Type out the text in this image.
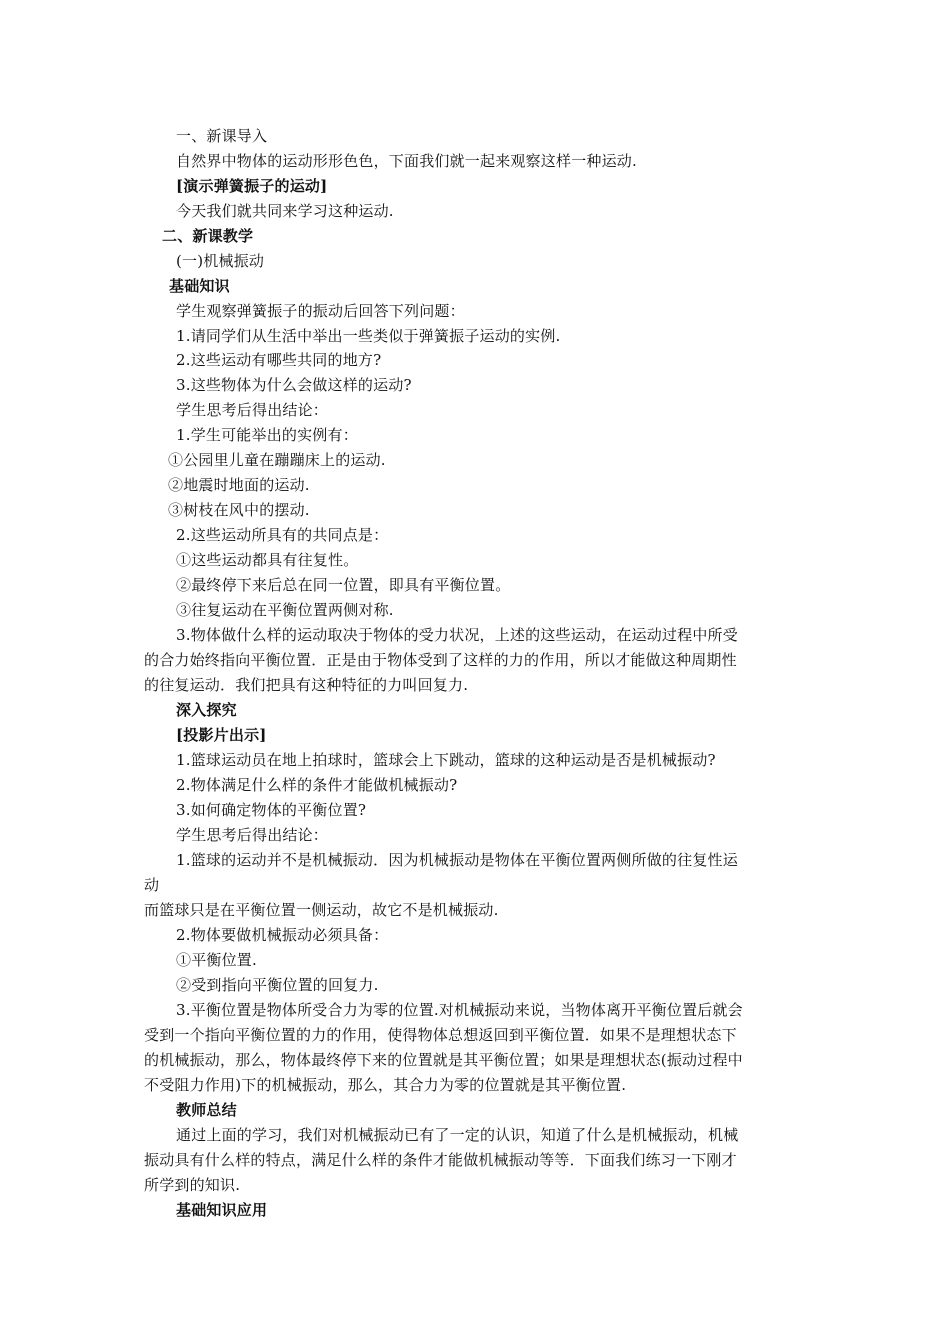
一、新课导入
自然界中物体的运动形形色色，下面我们就一起来观察这样一种运动.
[演示弹簧振子的运动]
今天我们就共同来学习这种运动.
二、新课教学
(一)机械振动
基础知识
学生观察弹簧振子的振动后回答下列问题：
1.请同学们从生活中举出一些类似于弹簧振子运动的实例.
2.这些运动有哪些共同的地方?
3.这些物体为什么会做这样的运动?
学生思考后得出结论：
1.学生可能举出的实例有：
①公园里儿童在蹦蹦床上的运动.
②地震时地面的运动.
③树枝在风中的摆动.
2.这些运动所具有的共同点是：
①这些运动都具有往复性。
②最终停下来后总在同一位置，即具有平衡位置。
③往复运动在平衡位置两侧对称.
3.物体做什么样的运动取决于物体的受力状况，上述的这些运动，在运动过程中所受
的合力始终指向平衡位置．正是由于物体受到了这样的力的作用，所以才能做这种周期性
的往复运动．我们把具有这种特征的力叫回复力.
深入探究
[投影片出示]
1.篮球运动员在地上拍球时，篮球会上下跳动，篮球的这种运动是否是机械振动?
2.物体满足什么样的条件才能做机械振动?
3.如何确定物体的平衡位置?
学生思考后得出结论：
1.篮球的运动并不是机械振动．因为机械振动是物体在平衡位置两侧所做的往复性运
动
而篮球只是在平衡位置一侧运动，故它不是机械振动.
2.物体要做机械振动必须具备：
①平衡位置.
②受到指向平衡位置的回复力.
3.平衡位置是物体所受合力为零的位置.对机械振动来说，当物体离开平衡位置后就会
受到一个指向平衡位置的力的作用，使得物体总想返回到平衡位置．如果不是理想状态下
的机械振动，那么，物体最终停下来的位置就是其平衡位置；如果是理想状态(振动过程中
不受阻力作用)下的机械振动，那么，其合力为零的位置就是其平衡位置.
教师总结
通过上面的学习，我们对机械振动已有了一定的认识，知道了什么是机械振动，机械
振动具有什么样的特点，满足什么样的条件才能做机械振动等等．下面我们练习一下刚才
所学到的知识.
基础知识应用
